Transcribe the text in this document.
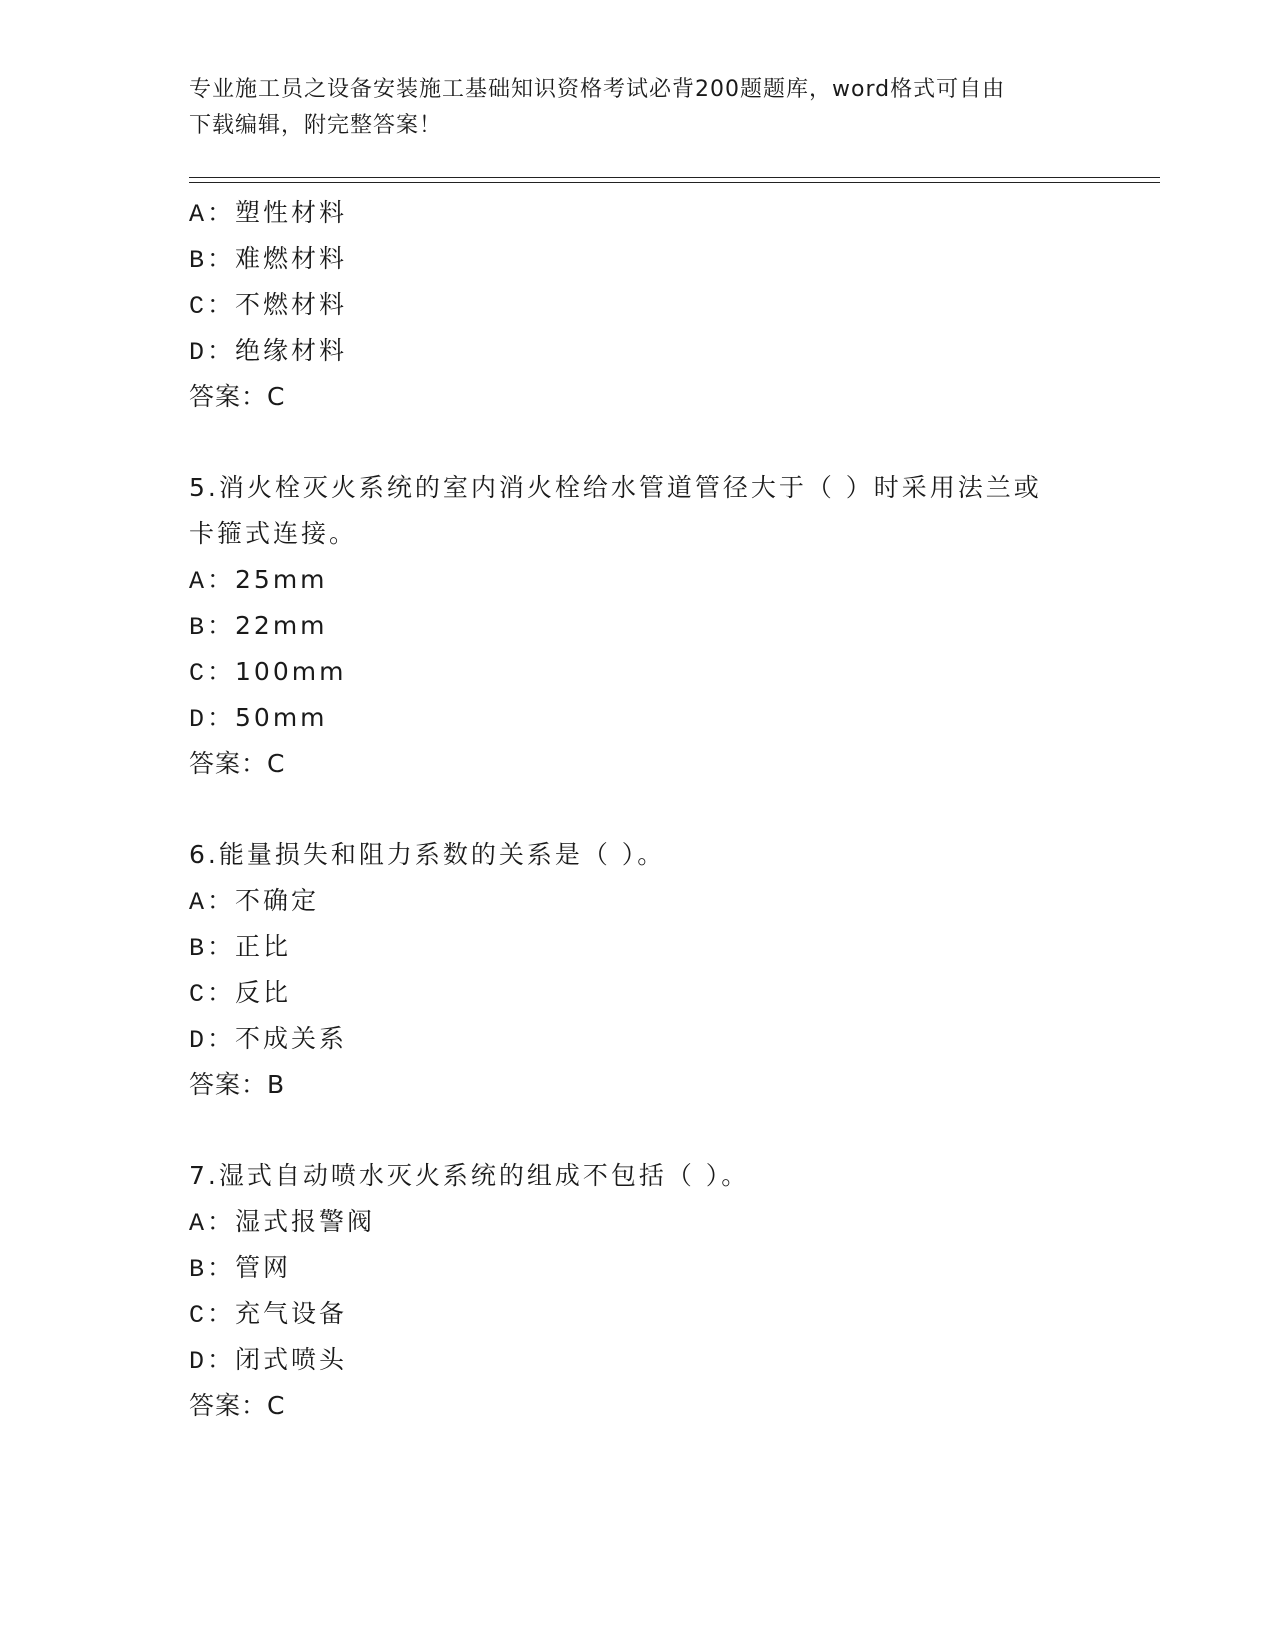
专业施工员之设备安装施工基础知识资格考试必背200题题库，word格式可自由
下载编辑，附完整答案！
A：塑性材料
B：难燃材料
C：不燃材料
D：绝缘材料
答案：C
5.消火栓灭火系统的室内消火栓给水管道管径大于（ ）时采用法兰或
卡箍式连接。
A：25mm
B：22mm
C：100mm
D：50mm
答案：C
6.能量损失和阻力系数的关系是（ ）。
A：不确定
B：正比
C：反比
D：不成关系
答案：B
7.湿式自动喷水灭火系统的组成不包括（ ）。
A：湿式报警阀
B：管网
C：充气设备
D：闭式喷头
答案：C
